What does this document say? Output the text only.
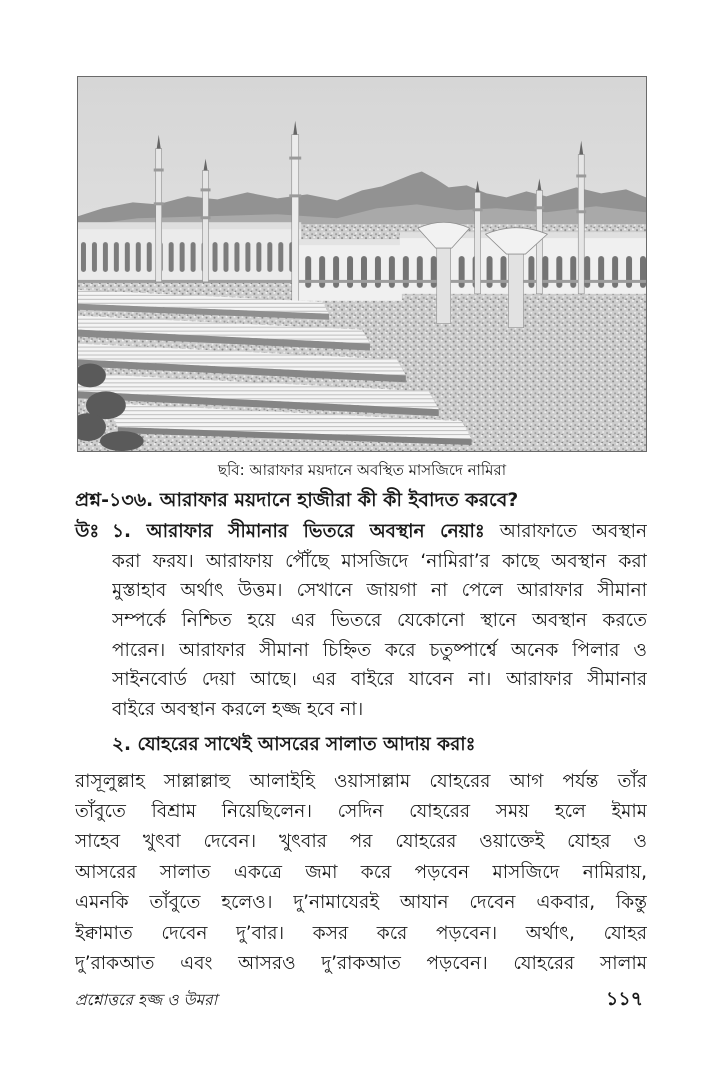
ছবি: আরাফার ময়দানে অবস্থিত মাসজিদে নামিরা
প্রশ্ন-১৩৬. আরাফার ময়দানে হাজীরা কী কী ইবাদত করবে?
উঃ ১. আরাফার সীমানার ভিতরে অবস্থান নেয়াঃ আরাফাতে অবস্থান
করা ফরয। আরাফায় পৌঁছে মাসজিদে ‘নামিরা’র কাছে অবস্থান করা
মুস্তাহাব অর্থাৎ উত্তম। সেখানে জায়গা না পেলে আরাফার সীমানা
সম্পর্কে নিশ্চিত হয়ে এর ভিতরে যেকোনো স্থানে অবস্থান করতে
পারেন। আরাফার সীমানা চিহ্নিত করে চতুষ্পার্শ্বে অনেক পিলার ও
সাইনবোর্ড দেয়া আছে। এর বাইরে যাবেন না। আরাফার সীমানার
বাইরে অবস্থান করলে হজ্জ হবে না।
২. যোহরের সাথেই আসরের সালাত আদায় করাঃ
রাসূলুল্লাহ সাল্লাল্লাহু আলাইহি ওয়াসাল্লাম যোহরের আগ পর্যন্ত তাঁর
তাঁবুতে বিশ্রাম নিয়েছিলেন। সেদিন যোহরের সময় হলে ইমাম
সাহেব খুৎবা দেবেন। খুৎবার পর যোহরের ওয়াক্তেই যোহর ও
আসরের সালাত একত্রে জমা করে পড়বেন মাসজিদে নামিরায়,
এমনকি তাঁবুতে হলেও। দু’নামাযেরই আযান দেবেন একবার, কিন্তু
ইক্বামাত দেবেন দু’বার। কসর করে পড়বেন। অর্থাৎ, যোহর
দু’রাকআত এবং আসরও দু’রাকআত পড়বেন। যোহরের সালাম
প্রশ্নোত্তরে হজ্জ ও উমরা	১১৭
